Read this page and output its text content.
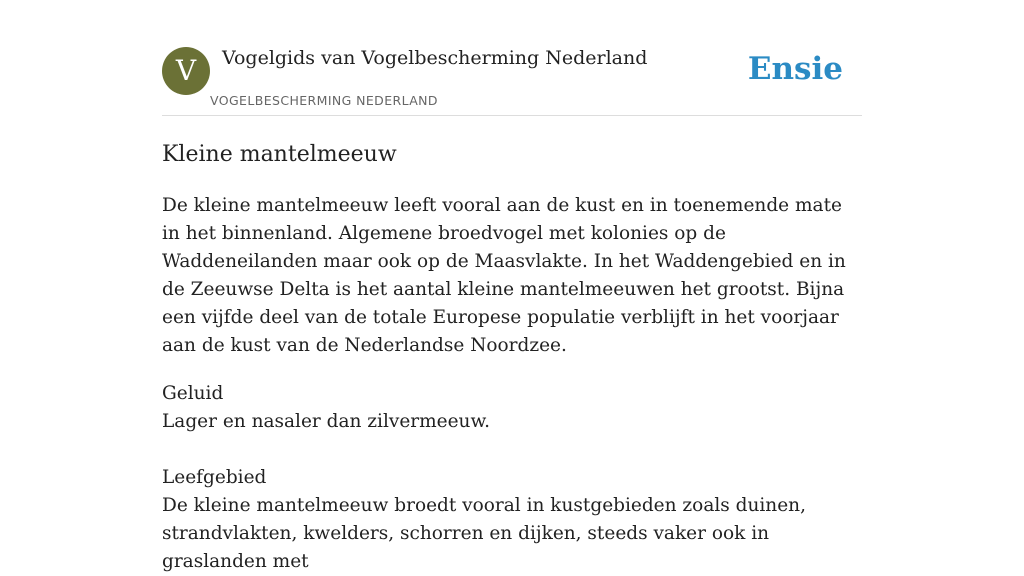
V	Vogelgids van Vogelbescherming Nederland
VOGELBESCHERMING NEDERLAND
Ensie
Kleine mantelmeeuw

De kleine mantelmeeuw leeft vooral aan de kust en in toenemende mate in het binnenland. Algemene broedvogel met kolonies op de Waddeneilanden maar ook op de Maasvlakte. In het Waddengebied en in de Zeeuwse Delta is het aantal kleine mantelmeeuwen het grootst. Bijna een vijfde deel van de totale Europese populatie verblijft in het voorjaar aan de kust van de Nederlandse Noordzee.

Geluid
Lager en nasaler dan zilvermeeuw.
Leefgebied
De kleine mantelmeeuw broedt vooral in kustgebieden zoals duinen, strandvlakten, kwelders, schorren en dijken, steeds vaker ook in graslanden met
